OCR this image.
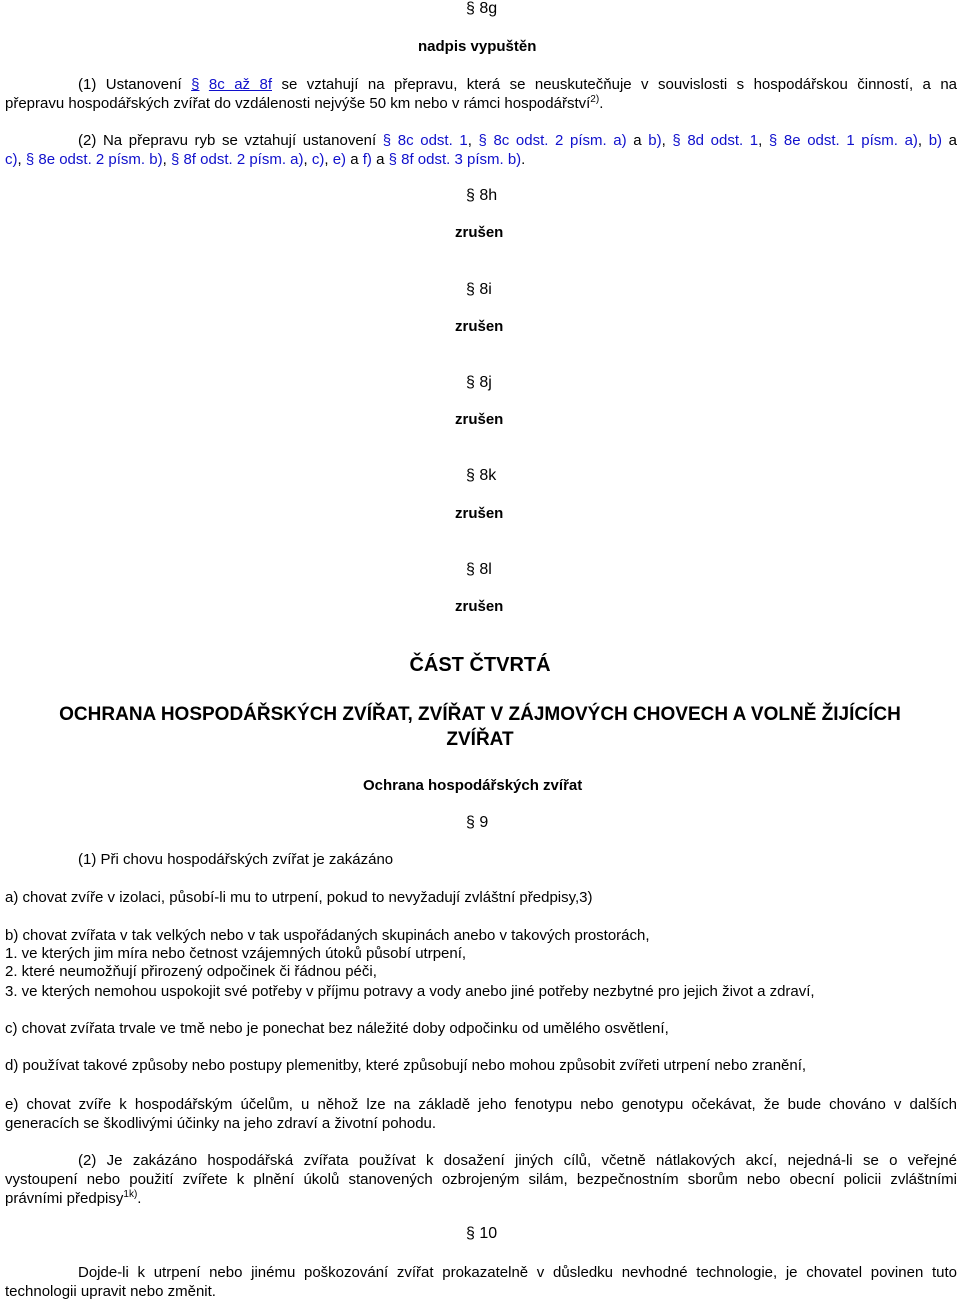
§ 8g
nadpis vypuštěn
(1) Ustanovení § 8c až 8f se vztahují na přepravu, která se neuskutečňuje v souvislosti s hospodářskou činností, a na
přepravu hospodářských zvířat do vzdálenosti nejvýše 50 km nebo v rámci hospodářství$^{2)}$.
(2) Na přepravu ryb se vztahují ustanovení § 8c odst. 1, § 8c odst. 2 písm. a) a b), § 8d odst. 1, § 8e odst. 1 písm. a), b) a
c), § 8e odst. 2 písm. b), § 8f odst. 2 písm. a), c), e) a f) a § 8f odst. 3 písm. b).
§ 8h
zrušen
§ 8i
zrušen
§ 8j
zrušen
§ 8k
zrušen
§ 8l
zrušen
ČÁST ČTVRTÁ
OCHRANA HOSPODÁŘSKÝCH ZVÍŘAT, ZVÍŘAT V ZÁJMOVÝCH CHOVECH A VOLNĚ ŽIJÍCÍCH
ZVÍŘAT
Ochrana hospodářských zvířat
§ 9
(1) Při chovu hospodářských zvířat je zakázáno
a) chovat zvíře v izolaci, působí-li mu to utrpení, pokud to nevyžadují zvláštní předpisy,3)
b) chovat zvířata v tak velkých nebo v tak uspořádaných skupinách anebo v takových prostorách,
1. ve kterých jim míra nebo četnost vzájemných útoků působí utrpení,
2. které neumožňují přirozený odpočinek či řádnou péči,
3. ve kterých nemohou uspokojit své potřeby v příjmu potravy a vody anebo jiné potřeby nezbytné pro jejich život a zdraví,
c) chovat zvířata trvale ve tmě nebo je ponechat bez náležité doby odpočinku od umělého osvětlení,
d) používat takové způsoby nebo postupy plemenitby, které způsobují nebo mohou způsobit zvířeti utrpení nebo zranění,
e) chovat zvíře k hospodářským účelům, u něhož lze na základě jeho fenotypu nebo genotypu očekávat, že bude chováno v dalších
generacích se škodlivými účinky na jeho zdraví a životní pohodu.
(2) Je zakázáno hospodářská zvířata používat k dosažení jiných cílů, včetně nátlakových akcí, nejedná-li se o veřejné
vystoupení nebo použití zvířete k plnění úkolů stanovených ozbrojeným silám, bezpečnostním sborům nebo obecní policii zvláštními
právními předpisy$^{1k)}$.
§ 10
Dojde-li k utrpení nebo jinému poškozování zvířat prokazatelně v důsledku nevhodné technologie, je chovatel povinen tuto
technologii upravit nebo změnit.
